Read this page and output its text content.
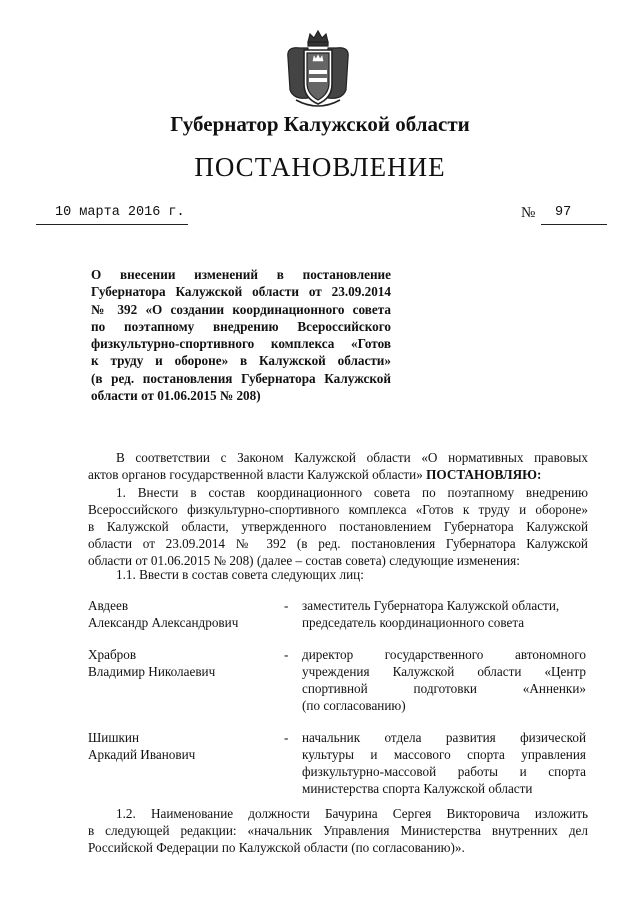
Губернатор Калужской области
ПОСТАНОВЛЕНИЕ
10 марта 2016 г.	№ 97
О внесении изменений в постановление
Губернатора Калужской области от 23.09.2014
№ 392 «О создании координационного совета
по поэтапному внедрению Всероссийского
физкультурно-спортивного комплекса «Готов
к труду и обороне» в Калужской области»
(в ред. постановления Губернатора Калужской
области от 01.06.2015 № 208)
В соответствии с Законом Калужской области «О нормативных правовых
актов органов государственной власти Калужской области» ПОСТАНОВЛЯЮ:
1. Внести в состав координационного совета по поэтапному внедрению
Всероссийского физкультурно-спортивного комплекса «Готов к труду и обороне»
в Калужской области, утвержденного постановлением Губернатора Калужской
области от 23.09.2014 № 392 (в ред. постановления Губернатора Калужской
области от 01.06.2015 № 208) (далее – состав совета) следующие изменения:
1.1. Ввести в состав совета следующих лиц:
Авдеев
Александр Александрович
- заместитель Губернатора Калужской области,
председатель координационного совета
Храбров
Владимир Николаевич
- директор государственного автономного
учреждения Калужской области «Центр
спортивной подготовки «Анненки»
(по согласованию)
Шишкин
Аркадий Иванович
- начальник отдела развития физической
культуры и массового спорта управления
физкультурно-массовой работы и спорта
министерства спорта Калужской области
1.2. Наименование должности Бачурина Сергея Викторовича изложить
в следующей редакции: «начальник Управления Министерства внутренних дел
Российской Федерации по Калужской области (по согласованию)».
